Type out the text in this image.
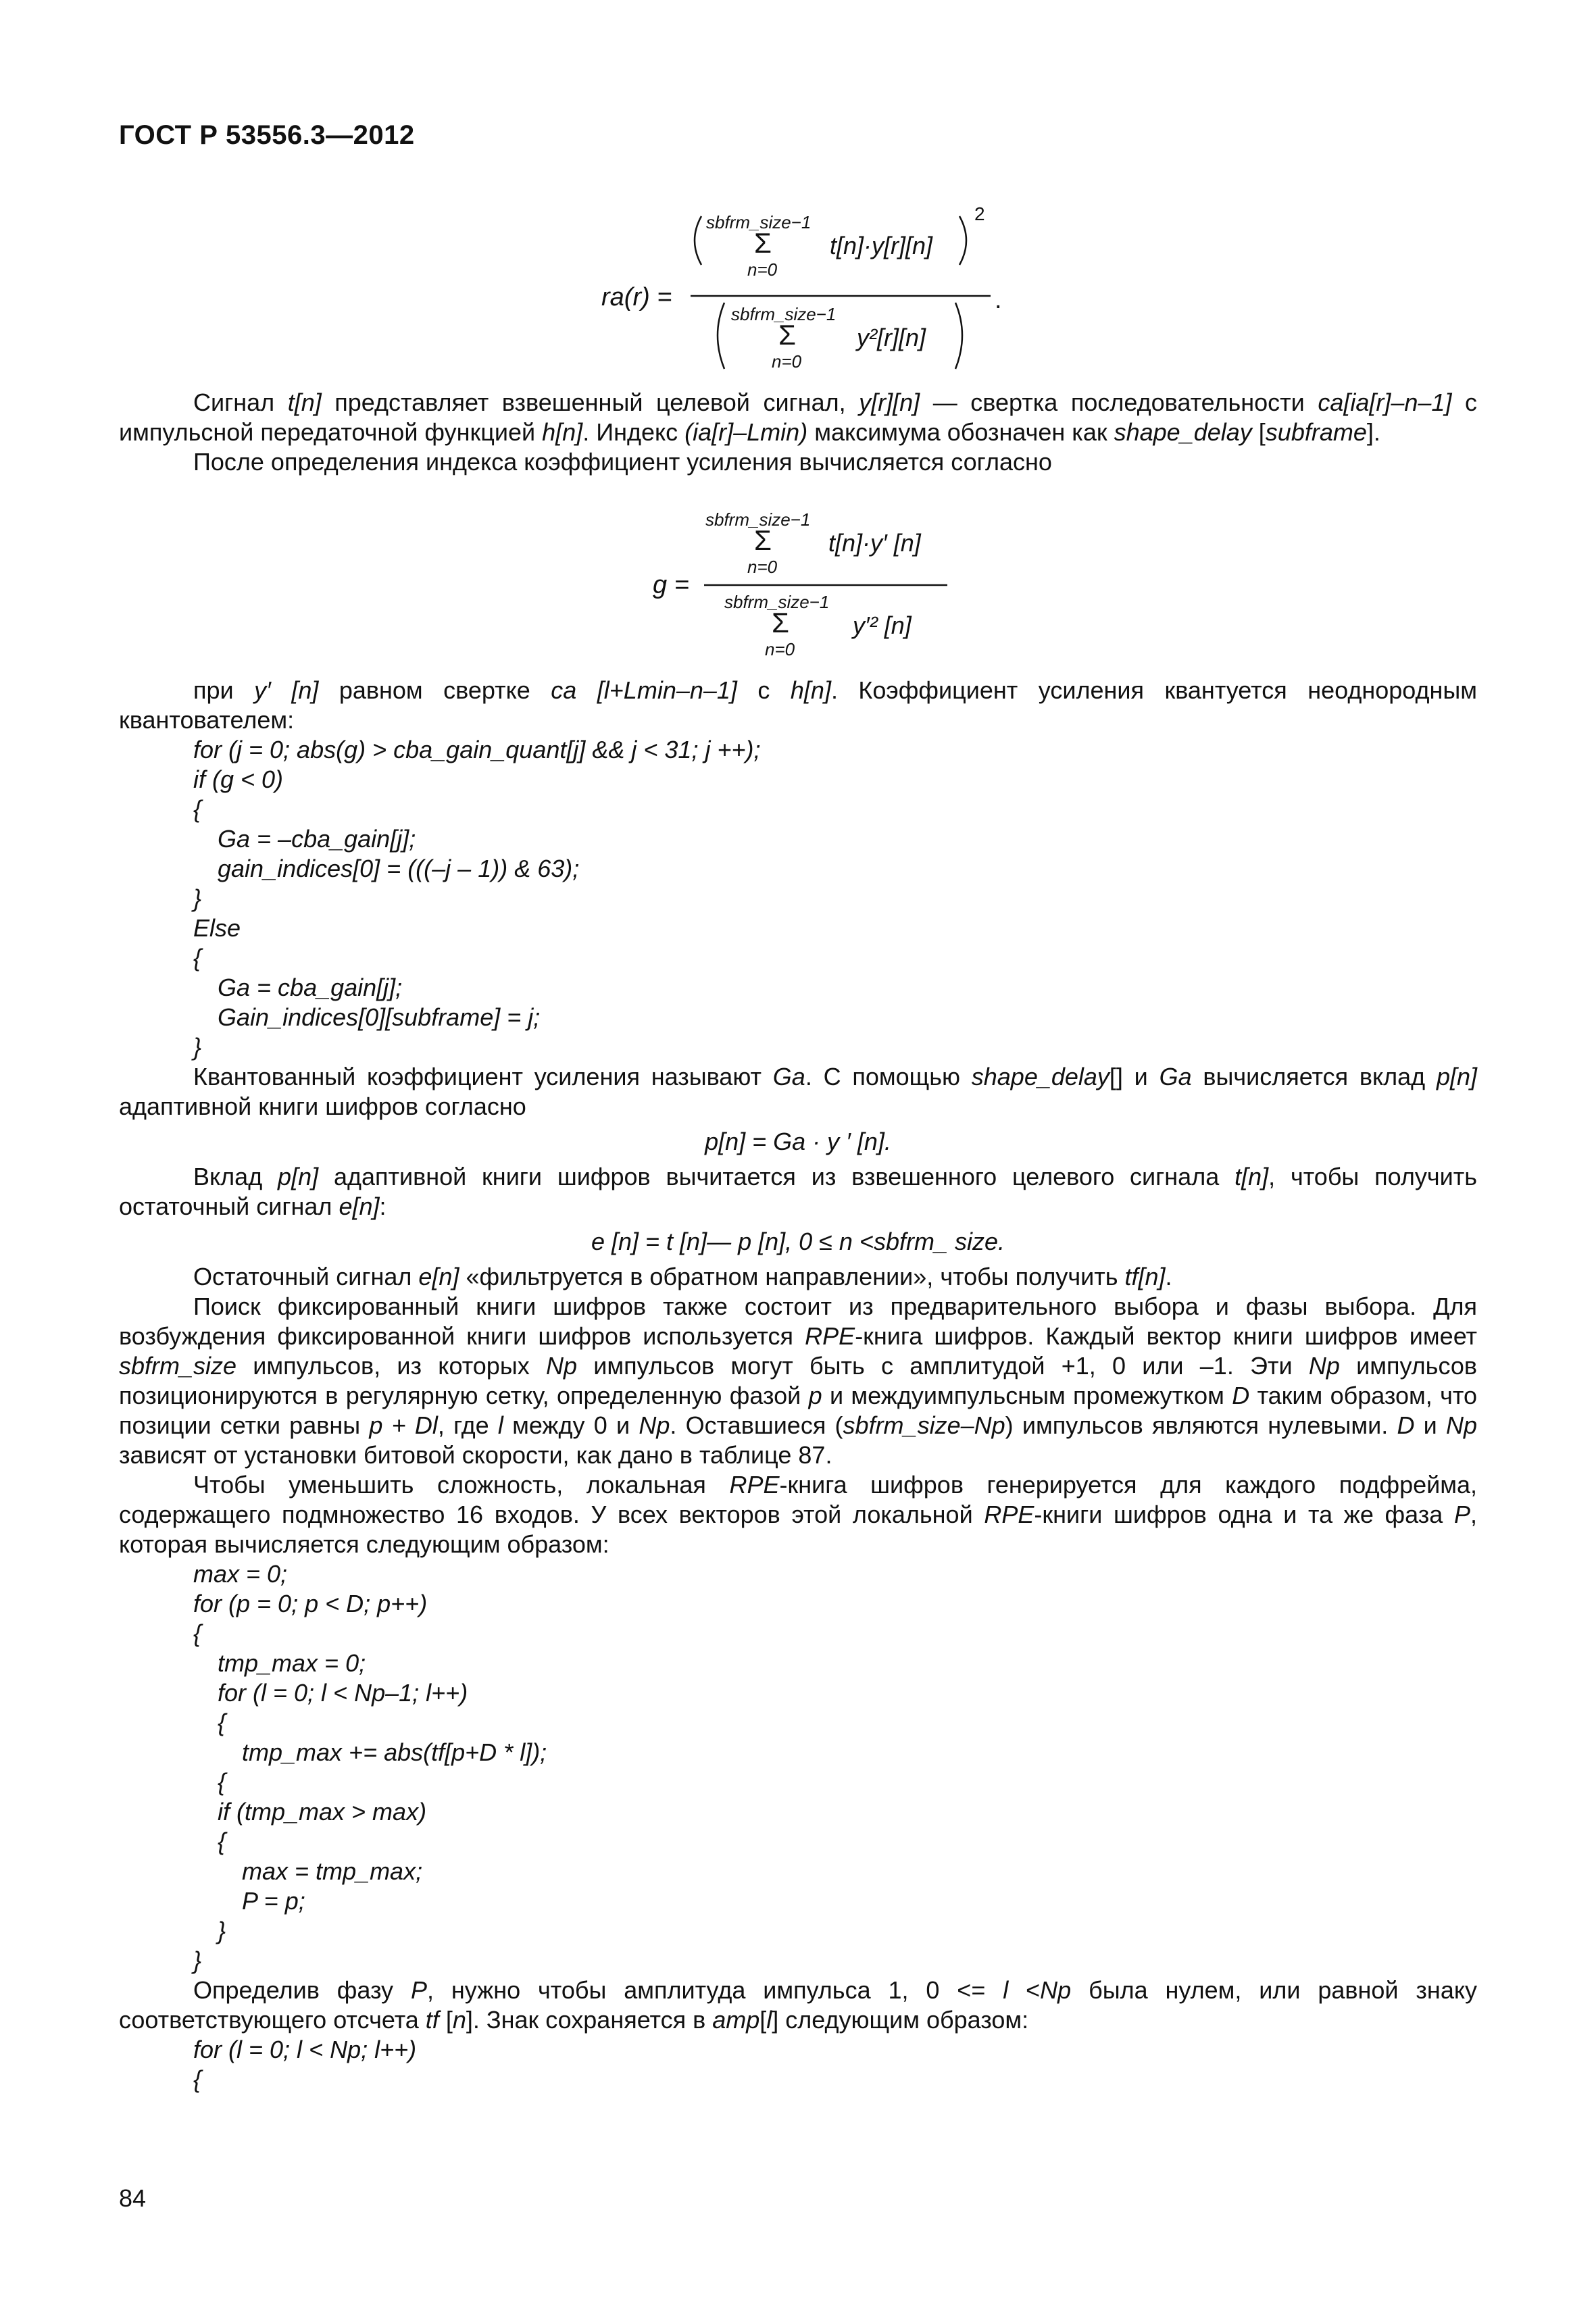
ГОСТ Р 53556.3—2012
ra(r) =
sbfrm_size−1
Σ
n=0
t[n]·y[r][n]
2
.
sbfrm_size−1
Σ
n=0
y²[r][n]

Сигнал t[n] представляет взвешенный целевой сигнал, y[r][n] — свертка последовательности ca[ia[r]–n–1] с импульсной передаточной функцией h[n]. Индекс (ia[r]–Lmin) максимума обозначен как shape_delay [subframe].

После определения индекса коэффициент усиления вычисляется согласно

g =
sbfrm_size−1
Σ
n=0
t[n]·y′ [n]
sbfrm_size−1
Σ
n=0
y′² [n]

при y′ [n] равном свертке ca [l+Lmin–n–1] с h[n]. Коэффициент усиления квантуется неоднородным квантователем:

for (j = 0; abs(g) > cba_gain_quant[j] && j < 31; j ++);

if (g < 0)

{

Ga = –cba_gain[j];

gain_indices[0] = (((–j – 1)) & 63);

}

Else

{

Ga = cba_gain[j];

Gain_indices[0][subframe] = j;

}

Квантованный коэффициент усиления называют Ga. С помощью shape_delay[] и Ga вычисляется вклад p[n] адаптивной книги шифров согласно

p[n] = Ga · y ′ [n].

Вклад p[n] адаптивной книги шифров вычитается из взвешенного целевого сигнала t[n], чтобы получить остаточный сигнал e[n]:

e [n] = t [n]— p [n], 0 ≤ n <sbfrm_ size.

Остаточный сигнал e[n] «фильтруется в обратном направлении», чтобы получить tf[n].

Поиск фиксированный книги шифров также состоит из предварительного выбора и фазы выбора. Для возбуждения фиксированной книги шифров используется RPE-книга шифров. Каждый вектор книги шифров имеет sbfrm_size импульсов, из которых Np импульсов могут быть с амплитудой +1, 0 или –1. Эти Np импульсов позиционируются в регулярную сетку, определенную фазой p и междуимпульсным промежутком D таким образом, что позиции сетки равны p + Dl, где l между 0 и Np. Оставшиеся (sbfrm_size–Np) импульсов являются нулевыми. D и Np зависят от установки битовой скорости, как дано в таблице 87.

Чтобы уменьшить сложность, локальная RPE-книга шифров генерируется для каждого подфрейма, содержащего подмножество 16 входов. У всех векторов этой локальной RPE-книги шифров одна и та же фаза P, которая вычисляется следующим образом:

max = 0;

for (p = 0; p < D; p++)

{

tmp_max = 0;

for (l = 0; l < Np–1; l++)

{

tmp_max += abs(tf[p+D * l]);

{

if (tmp_max > max)

{

max = tmp_max;

P = p;

}

}

Определив фазу P, нужно чтобы амплитуда импульса 1, 0 <= l <Np была нулем, или равной знаку соответствующего отсчета tf [n]. Знак сохраняется в amp[l] следующим образом:

for (l = 0; l < Np; l++)

{

84
